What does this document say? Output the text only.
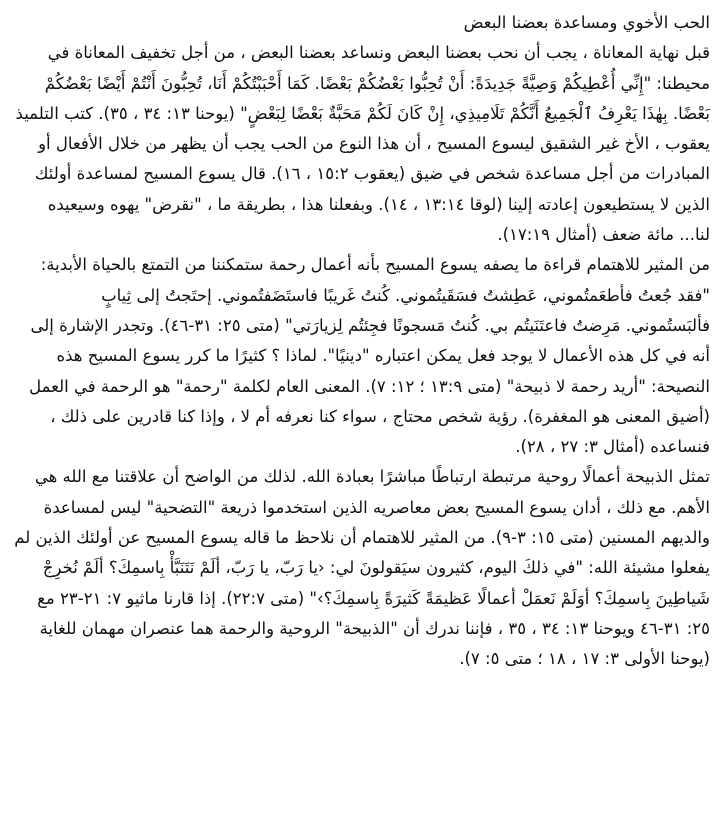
الحب الأخوي ومساعدة بعضنا البعض

قبل نهاية المعاناة ، يجب أن نحب بعضنا البعض ونساعد بعضنا البعض ، من أجل تخفيف المعاناة في محيطنا: "إِنِّي أُعْطِيكُمْ وَصِيَّةً جَدِيدَةً: أَنْ تُحِبُّوا بَعْضُكُمْ بَعْضًا. كَمَا أَحْبَبْتُكُمْ أَنَا، تُحِبُّونَ أَنْتُمْ أَيْضًا بَعْضُكُمْ بَعْضًا. بِهٰذَا يَعْرِفُ ٱلْجَمِيعُ أَنَّكُمْ تَلَامِيذِي، إِنْ كَانَ لَكُمْ مَحَبَّةٌ بَعْضًا لِبَعْضٍ" (يوحنا ١٣: ٣٤ ، ٣٥). كتب التلميذ يعقوب ، الأخ غير الشقيق ليسوع المسيح ، أن هذا النوع من الحب يجب أن يظهر من خلال الأفعال أو المبادرات من أجل مساعدة شخص في ضيق (يعقوب ٢:‏١٥ ، ١٦). قال يسوع المسيح لمساعدة أولئك الذين لا يستطيعون إعادته إلينا (لوقا ١٣:١٤ ، ١٤). وبفعلنا هذا ، بطريقة ما ، "نقرض" يهوه وسيعيده لنا... مائة ضعف (أمثال ١٧:١٩).

من المثير للاهتمام قراءة ما يصفه يسوع المسيح بأنه أعمال رحمة ستمكننا من التمتع بالحياة الأبدية: "فقد جُعتُ فأطعَمتُموني، عَطِشتُ فسَقَيتُموني. كُنتُ غَريبًا فاستَضَفتُموني. إحتَجتُ إلى ثِيابٍ فألبَستُموني. مَرِضتُ فاعتَنَيتُم بي. كُنتُ مَسجونًا فجِئتُم لِزيارَتي" (متى ٢٥: ٣١-٤٦). وتجدر الإشارة إلى أنه في كل هذه الأعمال لا يوجد فعل يمكن اعتباره "دينيًا". لماذا ؟ كثيرًا ما كرر يسوع المسيح هذه النصيحة: "أريد رحمة لا ذبيحة" (متى ١٣:٩ ؛ ١٢: ٧). المعنى العام لكلمة "رحمة" هو الرحمة في العمل (أضيق المعنى هو المغفرة). رؤية شخص محتاج ، سواء كنا نعرفه أم لا ، وإذا كنا قادرين على ذلك ، فنساعده (أمثال ٣: ٢٧ ، ٢٨).

تمثل الذبيحة أعمالًا روحية مرتبطة ارتباطًا مباشرًا بعبادة الله. لذلك من الواضح أن علاقتنا مع الله هي الأهم. مع ذلك ، أدان يسوع المسيح بعض معاصريه الذين استخدموا ذريعة "التضحية" ليس لمساعدة والديهم المسنين (متى ١٥: ٣-٩). من المثير للاهتمام أن نلاحظ ما قاله يسوع المسيح عن أولئك الذين لم يفعلوا مشيئة الله: "في ذلكَ اليوم، كثيرون سيَقولونَ لي: ‹يا رَبّ، يا رَبّ، ألَمْ نَتَنَبَّأْ بِاسمِكَ؟ ألَمْ نُخرِجْ شَياطِينَ بِاسمِكَ؟ أوَلَمْ نَعمَلْ أعمالًا عَظيمَةً كَثيرَةً بِاسمِكَ؟›" (متى ٢٢:٧). إذا قارنا ماثيو ٧: ٢١-٢٣ مع ٢٥: ٣١-٤٦ ويوحنا ١٣: ٣٤ ، ٣٥ ، فإننا ندرك أن "الذبيحة" الروحية والرحمة هما عنصران مهمان للغاية (يوحنا الأولى ٣: ١٧ ، ١٨ ؛ متى ٥: ٧).
